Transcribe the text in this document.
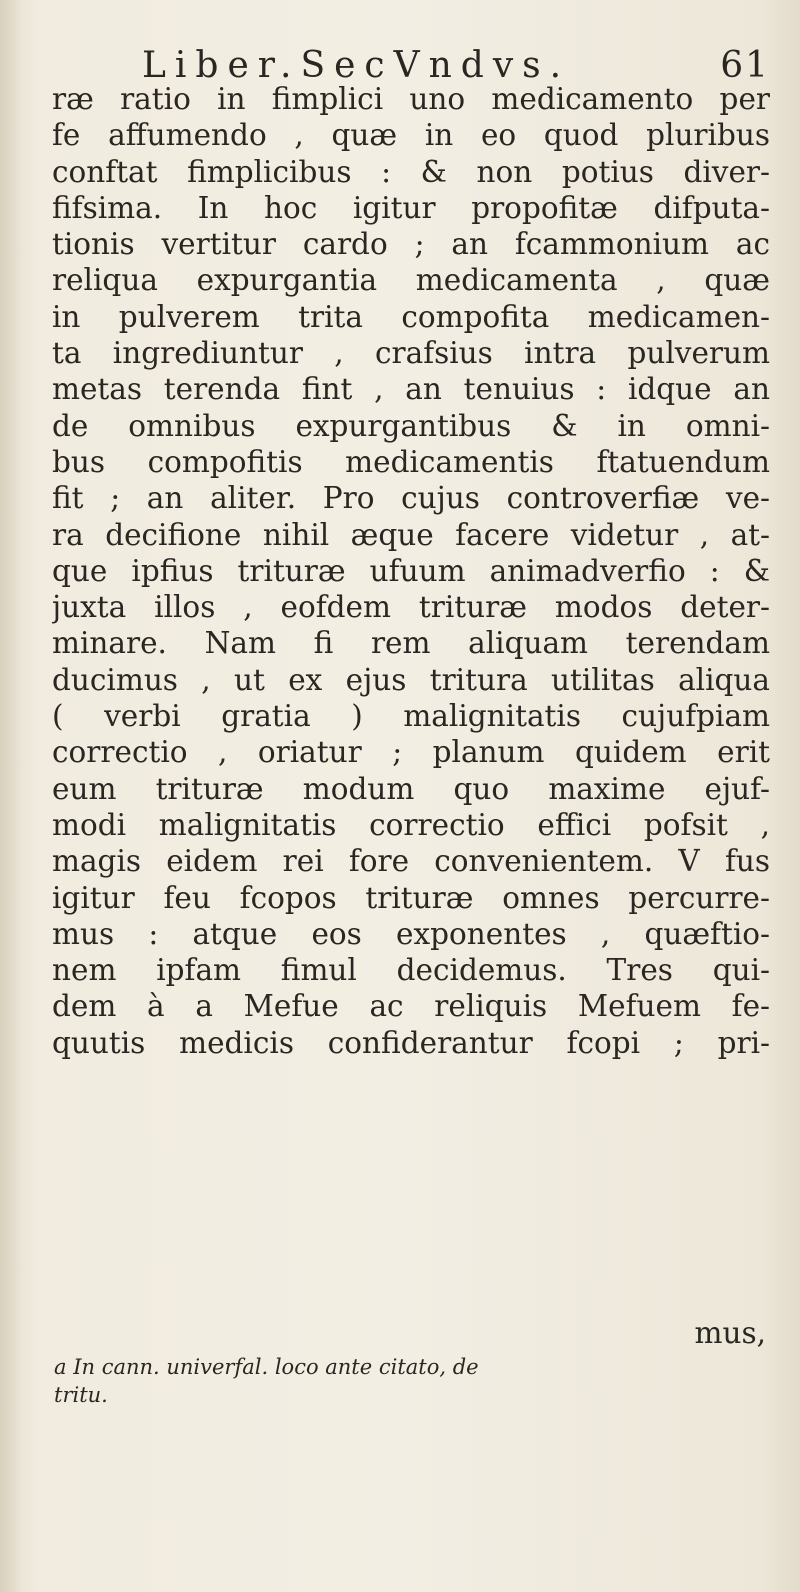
Liber.SecVndvs.	61
ræ ratio in fimplici uno medicamento per
fe affumendo , quæ in eo quod pluribus
conftat fimplicibus : & non potius diver-
fifsima. In hoc igitur propofitæ difputa-
tionis vertitur cardo ; an fcammonium ac
reliqua expurgantia medicamenta , quæ
in pulverem trita compofita medicamen-
ta ingrediuntur , crafsius intra pulverum
metas terenda fint , an tenuius : idque an
de omnibus expurgantibus & in omni-
bus compofitis medicamentis ftatuendum
fit ; an aliter. Pro cujus controverfiæ ve-
ra decifione nihil æque facere videtur , at-
que ipfius trituræ ufuum animadverfio : &
juxta illos , eofdem trituræ modos deter-
minare. Nam fi rem aliquam terendam
ducimus , ut ex ejus tritura utilitas aliqua
( verbi gratia ) malignitatis cujufpiam
correctio , oriatur ; planum quidem erit
eum trituræ modum quo maxime ejuf-
modi malignitatis correctio effici pofsit ,
magis eidem rei fore convenientem. V fus
igitur feu fcopos trituræ omnes percurre-
mus : atque eos exponentes , quæftio-
nem ipfam fimul decidemus. Tres qui-
dem à a Mefue ac reliquis Mefuem fe-
quutis medicis confiderantur fcopi ; pri-
mus,
a In cann. univerfal. loco ante citato, de
tritu.
